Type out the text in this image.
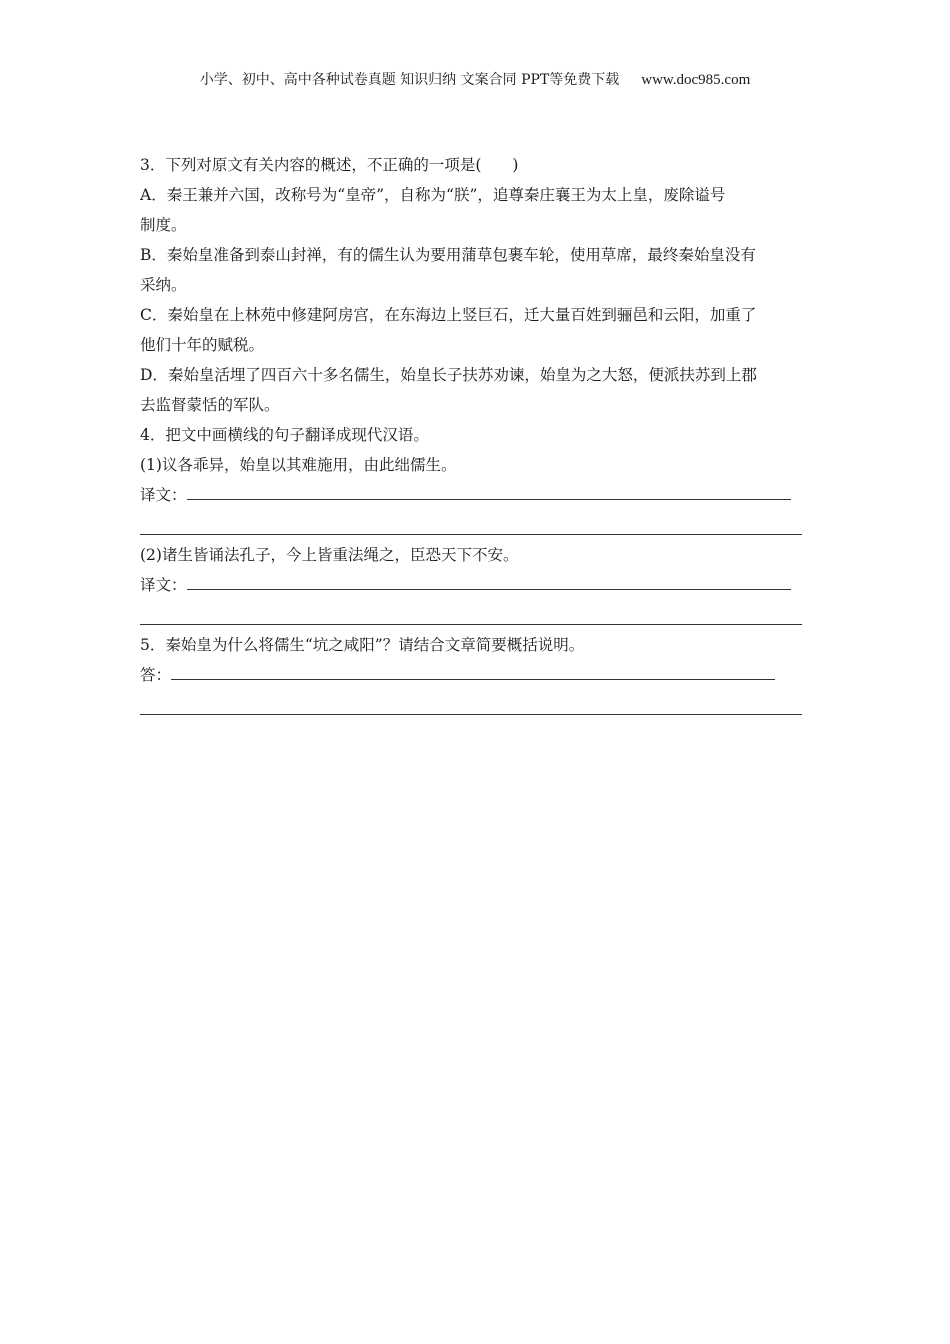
小学、初中、高中各种试卷真题 知识归纳 文案合同 PPT等免费下载 www.doc985.com
3．下列对原文有关内容的概述，不正确的一项是(　　)
A．秦王兼并六国，改称号为“皇帝”，自称为“朕”，追尊秦庄襄王为太上皇，废除谥号
制度。
B．秦始皇准备到泰山封禅，有的儒生认为要用蒲草包裹车轮，使用草席，最终秦始皇没有
采纳。
C．秦始皇在上林苑中修建阿房宫，在东海边上竖巨石，迁大量百姓到骊邑和云阳，加重了
他们十年的赋税。
D．秦始皇活埋了四百六十多名儒生，始皇长子扶苏劝谏，始皇为之大怒，便派扶苏到上郡
去监督蒙恬的军队。
4．把文中画横线的句子翻译成现代汉语。
(1)议各乖异，始皇以其难施用，由此绌儒生。
译文：
(2)诸生皆诵法孔子，今上皆重法绳之，臣恐天下不安。
译文：
5．秦始皇为什么将儒生“坑之咸阳”？请结合文章简要概括说明。
答：
